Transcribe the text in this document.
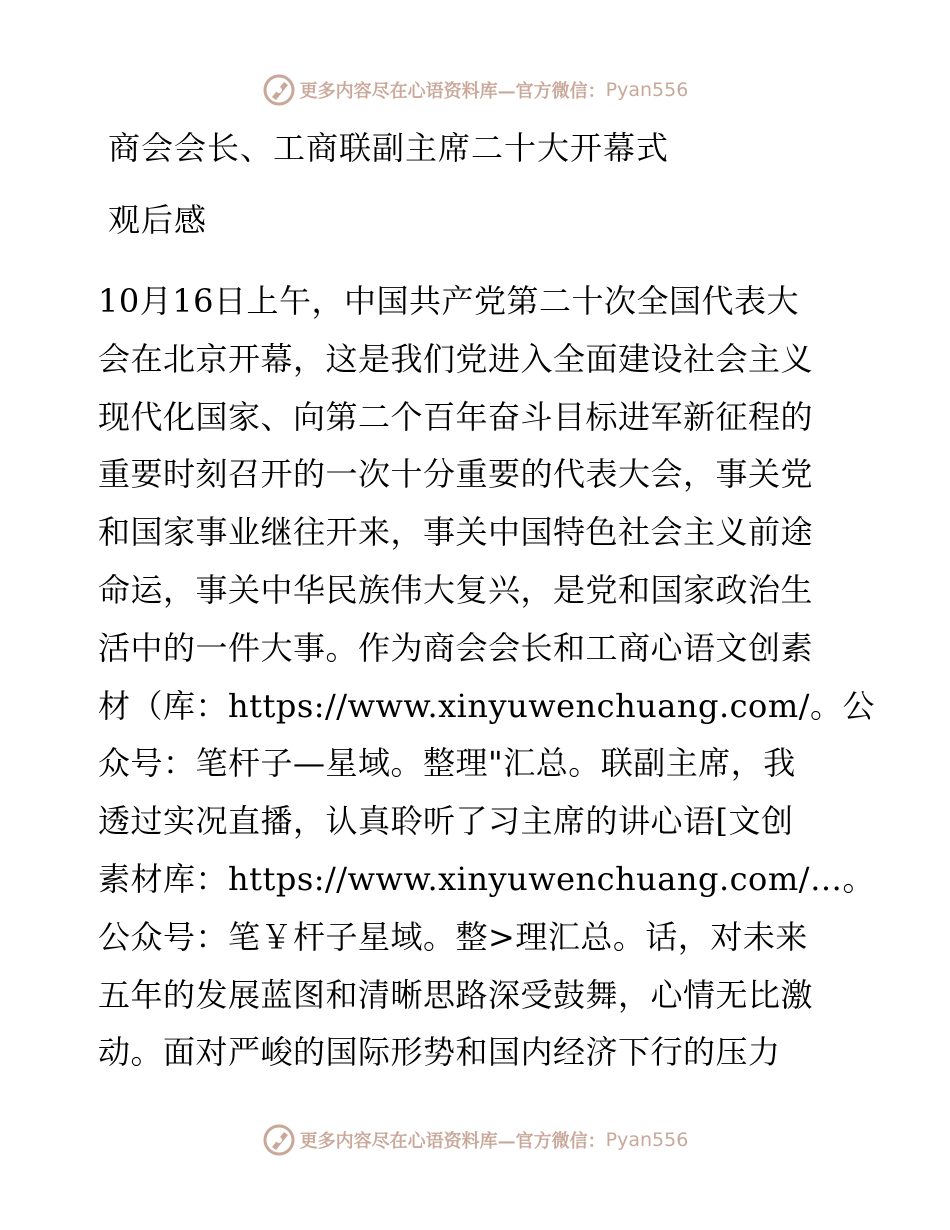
更多内容尽在心语资料库—官方微信： Pyan556
商会会长、工商联副主席二十大开幕式
观后感
10月16日上午，中国共产党第二十次全国代表大
会在北京开幕，这是我们党进入全面建设社会主义
现代化国家、向第二个百年奋斗目标进军新征程的
重要时刻召开的一次十分重要的代表大会，事关党
和国家事业继往开来，事关中国特色社会主义前途
命运，事关中华民族伟大复兴，是党和国家政治生
活中的一件大事。作为商会会长和工商心语文创素
材（库：https://www.xinyuwenchuang.com/。公
众号：笔杆子—星域。整理"汇总。联副主席，我
透过实况直播，认真聆听了习主席的讲心语[文创
素材库：https://www.xinyuwenchuang.com/…。
公众号：笔￥杆子星域。整>理汇总。话，对未来
五年的发展蓝图和清晰思路深受鼓舞，心情无比激
动。面对严峻的国际形势和国内经济下行的压力
更多内容尽在心语资料库—官方微信： Pyan556
